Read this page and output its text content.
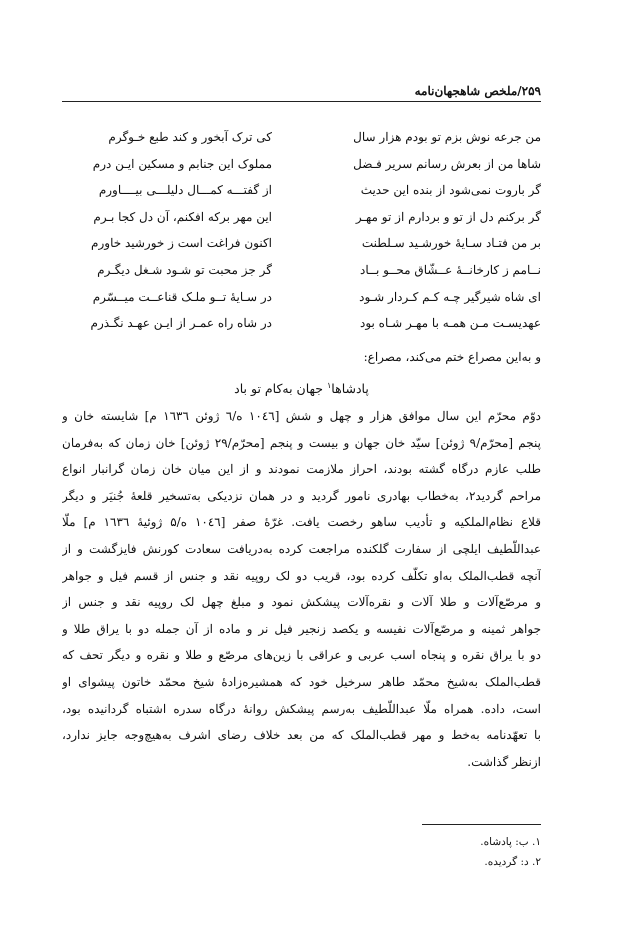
۲۵۹/ملخص شاهجهان‌نامه
من جرعه نوش بزم تو بودم هزار سال
کی ترک آبخور و کند طبع خـوگرم
شاها من از بعرش رسانم سریر فـضل
مملوک این جنابم و مسکین ایـن درم
گر باروت نمی‌شود از بنده این حدیث
از گفتـــه کمـــال دلیلـــی بیــــاورم
گر برکنم دل از تو و بردارم از تو مهـر
این مهر برکه افکنم، آن دل کجا بـرم
بر من فتـاد سـایهٔ خورشـید سـلطنت
اکنون فراغت است ز خورشید خاورم
نــامم ز کارخانــهٔ عــشّاق محــو بــاد
گر جز محبت تو شـود شـغل دیگـرم
ای شاه شیرگیر چـه کـم کـردار شـود
در سـایهٔ تــو ملـک قناعــت میــسّرم
عهدیسـت مـن همـه با مهـر شـاه بود
در شاه راه عمـر از ایـن عهـد نگـذرم
و به‌این مصراع ختم می‌کند، مصراع:
پادشاها$^۱$ جهان به‌کام تو باد
دوّم محرّم این سال موافق هزار و چهل و شش [۱۰٤٦ ه/٦ ژوئن ۱٦۳٦ م] شایسته خان و
پنجم [محرّم/۹ ژوئن] سیّد خان جهان و بیست و پنجم [محرّم/۲۹ ژوئن] خان زمان که به‌فرمان
طلب عازم درگاه گشته بودند، احراز ملازمت نمودند و از این میان خان زمان گرانبار انواع
مراحم گردید۲، به‌خطاب بهادری نامور گردید و در همان نزدیکی به‌تسخیر قلعهٔ جُنیَر و دیگر
قلاع نظام‌الملکیه و تأدیب ساهو رخصت یافت. غرّهٔ صفر [۱۰٤٦ ه/۵ ژوئیهٔ ۱٦۳٦ م] ملّا
عبداللّطیف ایلچی از سفارت گلکنده مراجعت کرده به‌دریافت سعادت کورنش فایزگشت و از
آنچه قطب‌الملک به‌او تکلّف کرده بود، قریب دو لک روپیه نقد و جنس از قسم فیل و جواهر
و مرصّع‌آلات و طلا آلات و نقره‌آلات پیشکش نمود و مبلغ چهل لک روپیه نقد و جنس از
جواهر ثمینه و مرصّع‌آلات نفیسه و یکصد زنجیر فیل نر و ماده از آن جمله دو با یراق طلا و
دو با یراق نقره و پنجاه اسب عربی و عراقی با زین‌های مرصّع و طلا و نقره و دیگر تحف که
قطب‌الملک به‌شیخ محمّد طاهر سرخیل خود که همشیره‌زادهٔ شیخ محمّد خاتون پیشوای او
است، داده. همراه ملّا عبداللّطیف به‌رسم پیشکش روانهٔ درگاه سدره اشتباه گردانیده بود،
با تعهّدنامه به‌خط و مهر قطب‌الملک که من بعد خلاف رضای اشرف به‌هیچ‌وجه جایز ندارد،
ازنظر گذاشت.
۱. ب: پادشاه.
۲. د: گردیده.
